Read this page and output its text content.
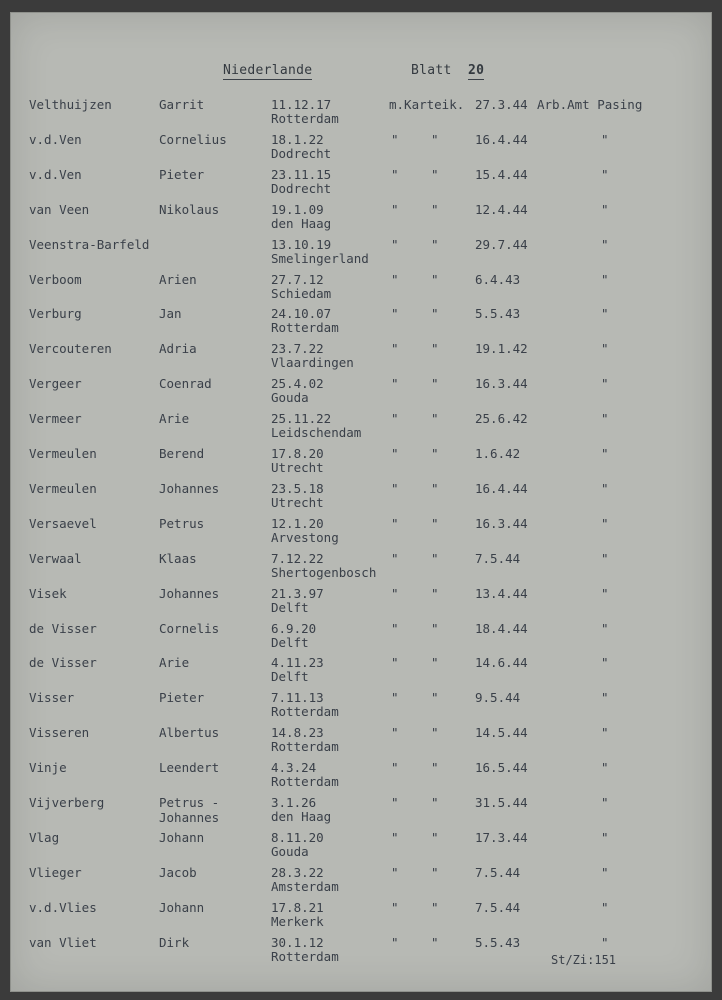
Niederlande	Blatt 20
Velthuijzen	Garrit	11.12.17
Rotterdam
m.Karteik. 27.3.44 Arb.Amt Pasing
v.d.Ven	Cornelius	18.1.22
Dodrecht
"	"	16.4.44	"
v.d.Ven	Pieter	23.11.15
Dodrecht
"	"	15.4.44	"
van Veen	Nikolaus	19.1.09
den Haag
"	"	12.4.44	"
Veenstra-Barfeld	13.10.19
Smelingerland
"	"	29.7.44	"
Verboom	Arien	27.7.12
Schiedam
"	"	6.4.43	"
Verburg	Jan	24.10.07
Rotterdam
"	"	5.5.43	"
Vercouteren	Adria	23.7.22
Vlaardingen
"	"	19.1.42	"
Vergeer	Coenrad	25.4.02
Gouda
"	"	16.3.44	"
Vermeer	Arie	25.11.22
Leidschendam
"	"	25.6.42	"
Vermeulen	Berend	17.8.20
Utrecht
"	"	1.6.42	"
Vermeulen	Johannes	23.5.18
Utrecht
"	"	16.4.44	"
Versaevel	Petrus	12.1.20
Arvestong
"	"	16.3.44	"
Verwaal	Klaas	7.12.22
Shertogenbosch
"	"	7.5.44	"
Visek	Johannes	21.3.97
Delft
"	"	13.4.44	"
de Visser	Cornelis	6.9.20
Delft
"	"	18.4.44	"
de Visser	Arie	4.11.23
Delft
"	"	14.6.44	"
Visser	Pieter	7.11.13
Rotterdam
"	"	9.5.44	"
Visseren	Albertus	14.8.23
Rotterdam
"	"	14.5.44	"
Vinje	Leendert	4.3.24
Rotterdam
"	"	16.5.44	"
Vijverberg	Petrus -
Johannes
3.1.26
den Haag
"	"	31.5.44	"
Vlag	Johann	8.11.20
Gouda
"	"	17.3.44	"
Vlieger	Jacob	28.3.22
Amsterdam
"	"	7.5.44	"
v.d.Vlies	Johann	17.8.21
Merkerk
"	"	7.5.44	"
van Vliet	Dirk	30.1.12
Rotterdam
"	"	5.5.43	"
St/Zi:151
